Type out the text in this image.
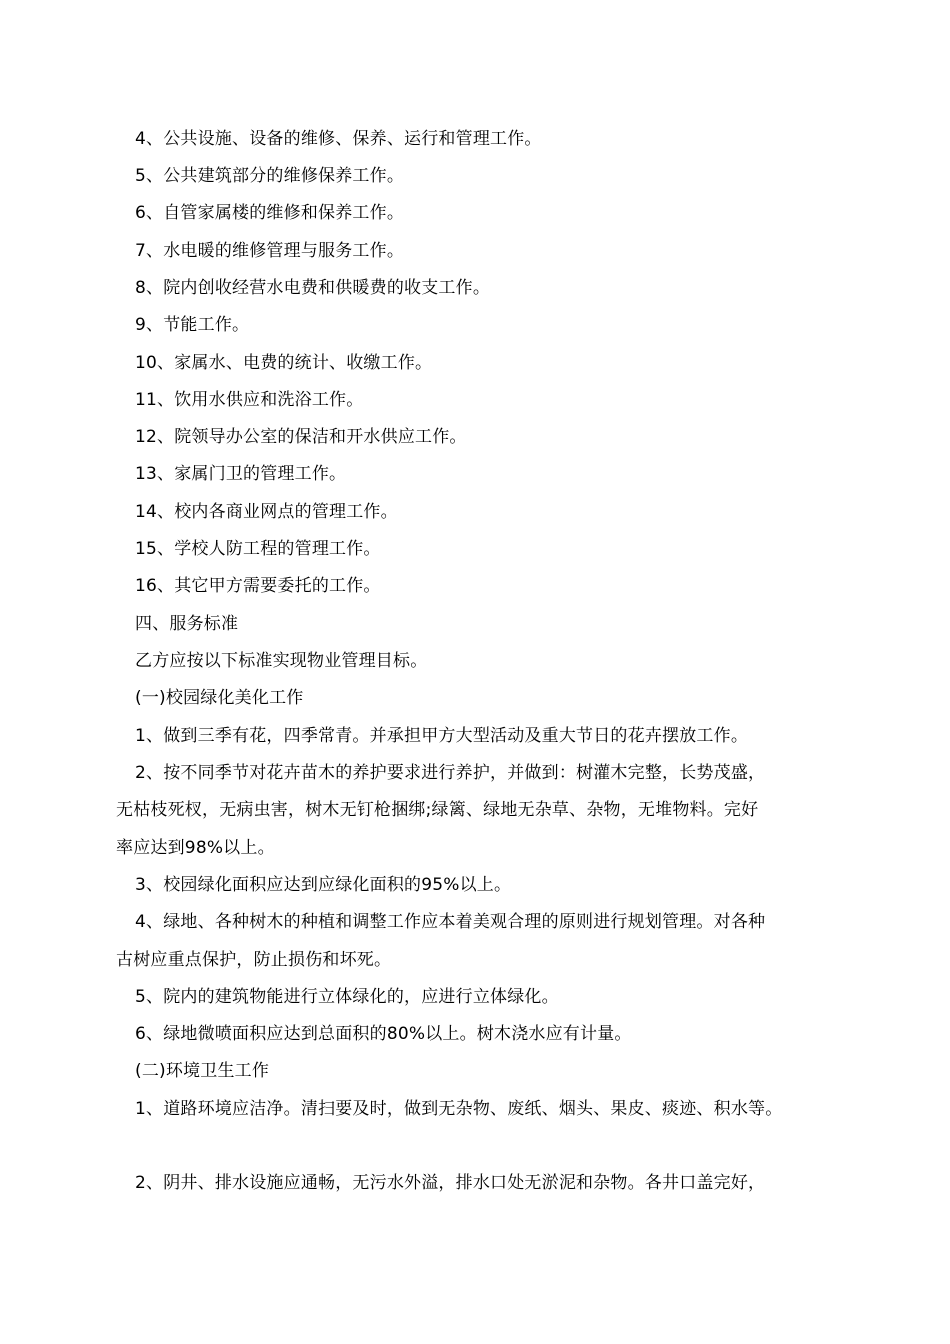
4、公共设施、设备的维修、保养、运行和管理工作。
5、公共建筑部分的维修保养工作。
6、自管家属楼的维修和保养工作。
7、水电暖的维修管理与服务工作。
8、院内创收经营水电费和供暖费的收支工作。
9、节能工作。
10、家属水、电费的统计、收缴工作。
11、饮用水供应和洗浴工作。
12、院领导办公室的保洁和开水供应工作。
13、家属门卫的管理工作。
14、校内各商业网点的管理工作。
15、学校人防工程的管理工作。
16、其它甲方需要委托的工作。
四、服务标准
乙方应按以下标准实现物业管理目标。
(一)校园绿化美化工作
1、做到三季有花，四季常青。并承担甲方大型活动及重大节日的花卉摆放工作。
2、按不同季节对花卉苗木的养护要求进行养护，并做到：树灌木完整，长势茂盛，
无枯枝死杈，无病虫害，树木无钉枪捆绑;绿篱、绿地无杂草、杂物，无堆物料。完好
率应达到98%以上。
3、校园绿化面积应达到应绿化面积的95%以上。
4、绿地、各种树木的种植和调整工作应本着美观合理的原则进行规划管理。对各种
古树应重点保护，防止损伤和坏死。
5、院内的建筑物能进行立体绿化的，应进行立体绿化。
6、绿地微喷面积应达到总面积的80%以上。树木浇水应有计量。
(二)环境卫生工作
1、道路环境应洁净。清扫要及时，做到无杂物、废纸、烟头、果皮、痰迹、积水等。
2、阴井、排水设施应通畅，无污水外溢，排水口处无淤泥和杂物。各井口盖完好，
